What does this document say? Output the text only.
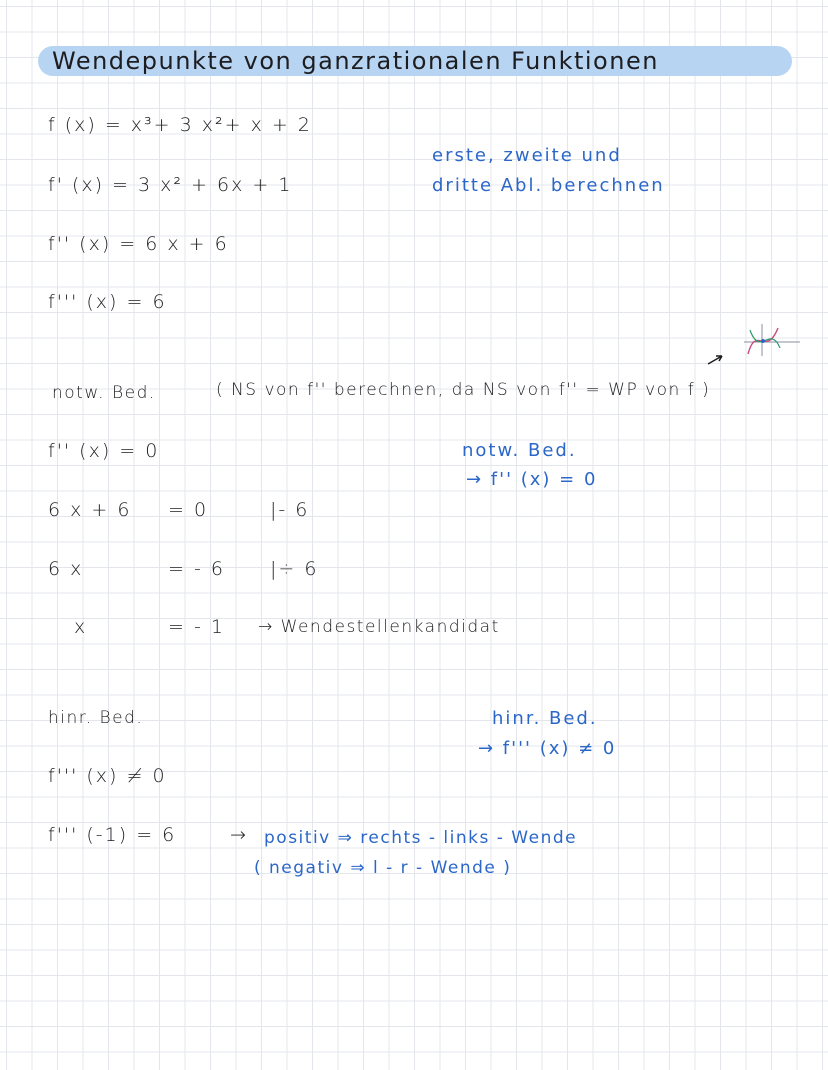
Wendepunkte von ganzrationalen Funktionen
f (x) = x³+ 3 x²+ x + 2
f' (x) = 3 x² + 6x + 1
f'' (x) = 6 x + 6
f''' (x) = 6
erste, zweite und
dritte Abl. berechnen
notw. Bed.	( NS von f'' berechnen, da NS von f'' = WP von f )
f'' (x) = 0
6 x + 6 = 0	|- 6
6 x	= - 6 |÷ 6
x	= - 1 → Wendestellenkandidat
notw. Bed.
→ f'' (x) = 0
hinr. Bed.
f''' (x) ≠ 0
f''' (-1) = 6	→ positiv ⇒ rechts - links - Wende
( negativ ⇒ l - r - Wende )
hinr. Bed.
→ f''' (x) ≠ 0
